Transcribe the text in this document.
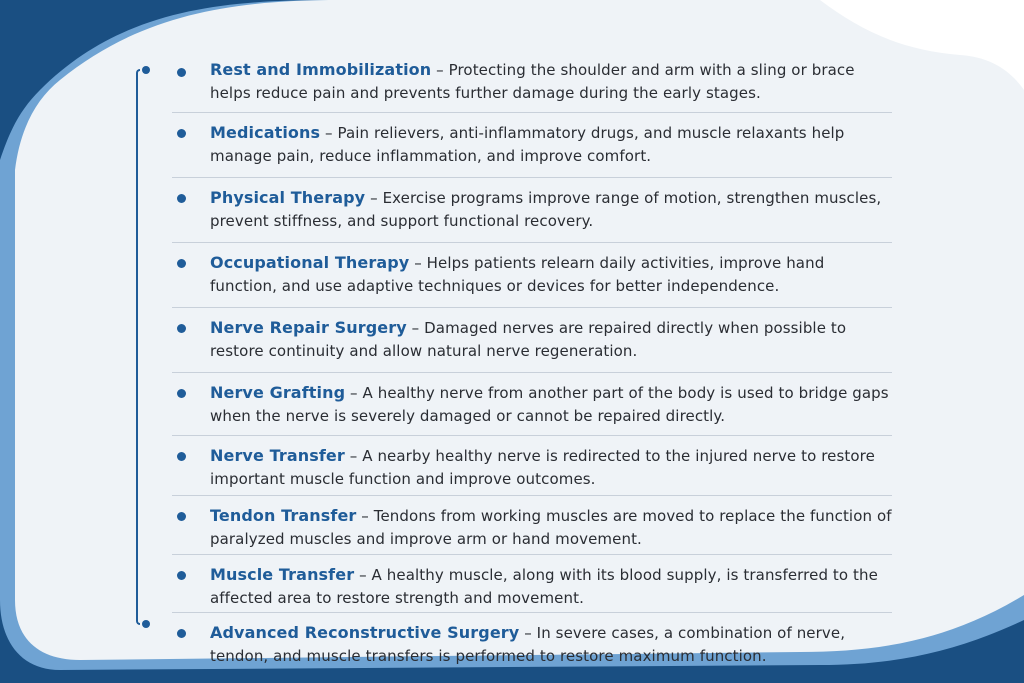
Rest and Immobilization – Protecting the shoulder and arm with a sling or brace helps reduce pain and prevents further damage during the early stages.
Medications – Pain relievers, anti-inflammatory drugs, and muscle relaxants help manage pain, reduce inflammation, and improve comfort.
Physical Therapy – Exercise programs improve range of motion, strengthen muscles, prevent stiffness, and support functional recovery.
Occupational Therapy – Helps patients relearn daily activities, improve hand function, and use adaptive techniques or devices for better independence.
Nerve Repair Surgery – Damaged nerves are repaired directly when possible to restore continuity and allow natural nerve regeneration.
Nerve Grafting – A healthy nerve from another part of the body is used to bridge gaps when the nerve is severely damaged or cannot be repaired directly.
Nerve Transfer – A nearby healthy nerve is redirected to the injured nerve to restore important muscle function and improve outcomes.
Tendon Transfer – Tendons from working muscles are moved to replace the function of paralyzed muscles and improve arm or hand movement.
Muscle Transfer – A healthy muscle, along with its blood supply, is transferred to the affected area to restore strength and movement.
Advanced Reconstructive Surgery – In severe cases, a combination of nerve, tendon, and muscle transfers is performed to restore maximum function.
